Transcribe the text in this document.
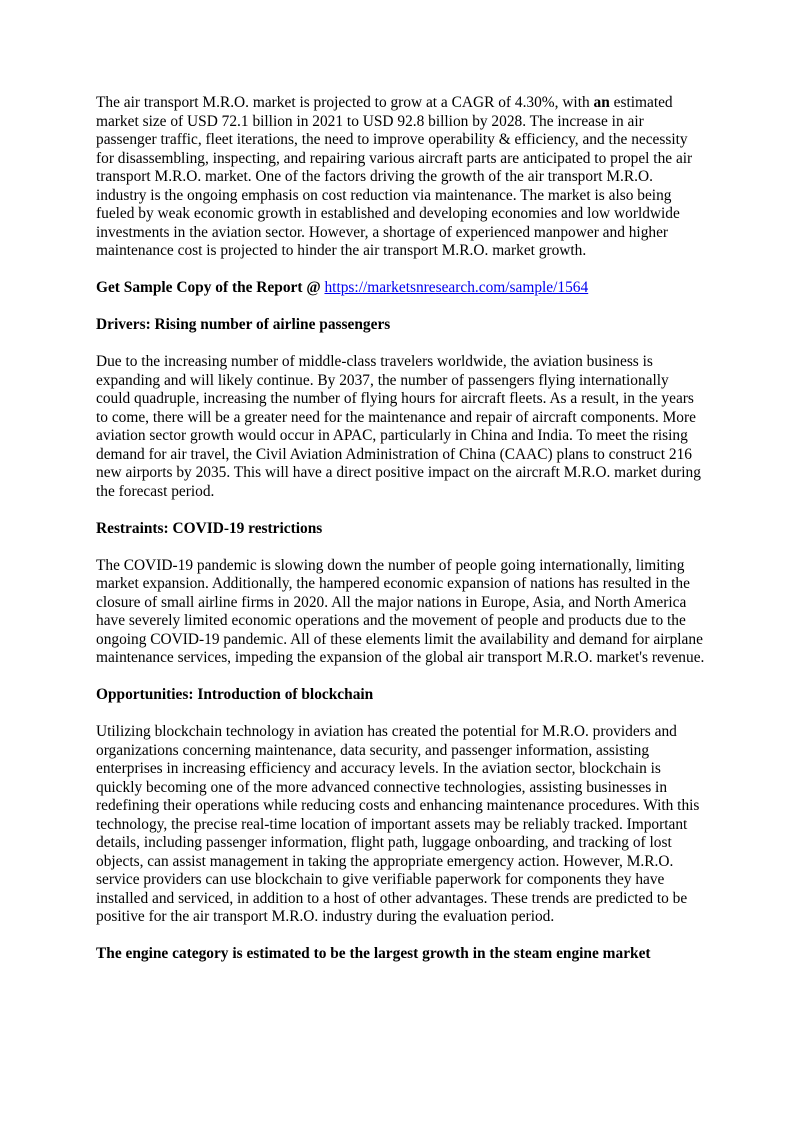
The air transport M.R.O. market is projected to grow at a CAGR of 4.30%, with an estimated market size of USD 72.1 billion in 2021 to USD 92.8 billion by 2028. The increase in air passenger traffic, fleet iterations, the need to improve operability & efficiency, and the necessity for disassembling, inspecting, and repairing various aircraft parts are anticipated to propel the air transport M.R.O. market. One of the factors driving the growth of the air transport M.R.O. industry is the ongoing emphasis on cost reduction via maintenance. The market is also being fueled by weak economic growth in established and developing economies and low worldwide investments in the aviation sector. However, a shortage of experienced manpower and higher maintenance cost is projected to hinder the air transport M.R.O. market growth.

Get Sample Copy of the Report @ https://marketsnresearch.com/sample/1564

Drivers: Rising number of airline passengers

Due to the increasing number of middle-class travelers worldwide, the aviation business is expanding and will likely continue. By 2037, the number of passengers flying internationally could quadruple, increasing the number of flying hours for aircraft fleets. As a result, in the years to come, there will be a greater need for the maintenance and repair of aircraft components. More aviation sector growth would occur in APAC, particularly in China and India. To meet the rising demand for air travel, the Civil Aviation Administration of China (CAAC) plans to construct 216 new airports by 2035. This will have a direct positive impact on the aircraft M.R.O. market during the forecast period.

Restraints: COVID-19 restrictions

The COVID-19 pandemic is slowing down the number of people going internationally, limiting market expansion. Additionally, the hampered economic expansion of nations has resulted in the closure of small airline firms in 2020. All the major nations in Europe, Asia, and North America have severely limited economic operations and the movement of people and products due to the ongoing COVID-19 pandemic. All of these elements limit the availability and demand for airplane maintenance services, impeding the expansion of the global air transport M.R.O. market's revenue.

Opportunities: Introduction of blockchain

Utilizing blockchain technology in aviation has created the potential for M.R.O. providers and organizations concerning maintenance, data security, and passenger information, assisting enterprises in increasing efficiency and accuracy levels. In the aviation sector, blockchain is quickly becoming one of the more advanced connective technologies, assisting businesses in redefining their operations while reducing costs and enhancing maintenance procedures. With this technology, the precise real-time location of important assets may be reliably tracked. Important details, including passenger information, flight path, luggage onboarding, and tracking of lost objects, can assist management in taking the appropriate emergency action. However, M.R.O. service providers can use blockchain to give verifiable paperwork for components they have installed and serviced, in addition to a host of other advantages. These trends are predicted to be positive for the air transport M.R.O. industry during the evaluation period.

The engine category is estimated to be the largest growth in the steam engine market
